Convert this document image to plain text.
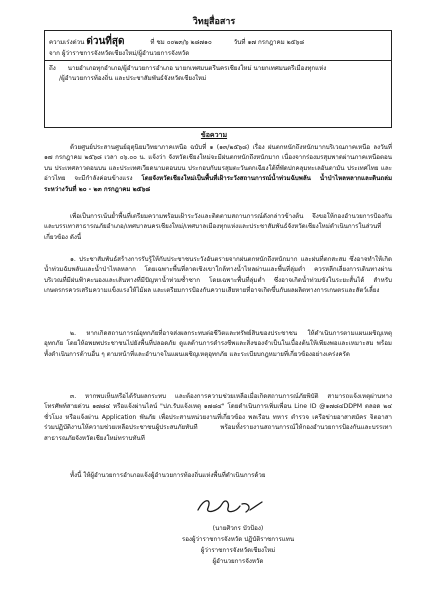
วิทยุสื่อสาร
ความเร่งด่วน ด่วนที่สุด	ที่ ชม ๐๐๒๓/๖ ๒๘๗๑๐	วันที่ ๑๗ กรกฎาคม ๒๕๖๘
จาก ผู้ว่าราชการจังหวัดเชียงใหม่/ผู้อำนวยการจังหวัด
ถึง นายอำเภอทุกอำเภอ/ผู้อำนวยการอำเภอ นายกเทศมนตรีนครเชียงใหม่ นายกเทศมนตรีเมืองทุกแห่ง
/ผู้อำนวยการท้องถิ่น และประชาสัมพันธ์จังหวัดเชียงใหม่
ข้อความ
ด้วยศูนย์ประสานศูนย์อุตุนิยมวิทยาภาคเหนือ ฉบับที่ ๑ (๑๓/๒๕๖๘) เรื่อง ฝนตกหนักถึงหนักมากบริเวณภาคเหนือ ลงวันที่ ๑๗ กรกฎาคม ๒๕๖๘ เวลา ๐๖.๐๐ น. แจ้งว่า จังหวัดเชียงใหม่จะมีฝนตกหนักถึงหนักมาก เนื่องจากร่องมรสุมพาดผ่านภาคเหนือตอนบน ประเทศลาวตอนบน และประเทศเวียดนามตอนบน ประกอบกับมรสุมตะวันตกเฉียงใต้ที่พัดปกคลุมทะเลอันดามัน ประเทศไทย และอ่าวไทย จะมีกำลังค่อนข้างแรง โดยจังหวัดเชียงใหม่เป็นพื้นที่เฝ้าระวังสถานการณ์น้ำท่วมฉับพลัน น้ำป่าไหลหลากและดินถล่ม ระหว่างวันที่ ๒๐ - ๒๓ กรกฎาคม ๒๕๖๘
เพื่อเป็นการเน้นย้ำพื้นที่เตรียมความพร้อมเฝ้าระวังและติดตามสถานการณ์ดังกล่าวข้างต้น จึงขอให้กองอำนวยการป้องกันและบรรเทาสาธารณภัยอำเภอ/เทศบาลนครเชียงใหม่/เทศบาลเมืองทุกแห่งและประชาสัมพันธ์จังหวัดเชียงใหม่ดำเนินการในส่วนที่เกี่ยวข้อง ดังนี้
๑. ประชาสัมพันธ์สร้างการรับรู้ให้กับประชาชนระวังอันตรายจากฝนตกหนักถึงหนักมาก และฝนที่ตกสะสม ซึ่งอาจทำให้เกิดน้ำท่วมฉับพลันและน้ำป่าไหลหลาก โดยเฉพาะพื้นที่ลาดเชิงเขาใกล้ทางน้ำไหลผ่านและพื้นที่ลุ่มต่ำ ควรหลีกเลี่ยงการเดินทางผ่านบริเวณที่มีฝนฟ้าคะนองและเส้นทางที่มีปัญหาน้ำท่วมซ้ำซาก โดยเฉพาะพื้นที่ลุ่มต่ำ ซึ่งอาจเกิดน้ำท่วมขังในระยะสั้นได้ สำหรับเกษตรกรควรเสริมความแข็งแรงให้ไม้ผล และเตรียมการป้องกันความเสียหายที่อาจเกิดขึ้นกับผลผลิตทางการเกษตรและสัตว์เลี้ยง
๒. หากเกิดสถานการณ์อุทกภัยที่อาจส่งผลกระทบต่อชีวิตและทรัพย์สินของประชาชน ให้ดำเนินการตามแผนเผชิญเหตุอุทกภัย โดยให้อพยพประชาชนไปยังพื้นที่ปลอดภัย ดูแลด้านการดำรงชีพและสิ่งของจำเป็นในเบื้องต้นให้เพียงพอและเหมาะสม พร้อมทั้งดำเนินการด้านอื่น ๆ ตามหน้าที่และอำนาจในแผนเผชิญเหตุอุทกภัย และระเบียบกฎหมายที่เกี่ยวข้องอย่างเคร่งครัด
๓. หากพบเห็นหรือได้รับผลกระทบ และต้องการความช่วยเหลือเมื่อเกิดสถานการณ์ภัยพิบัติ สามารถแจ้งเหตุผ่านทางโทรศัพท์สายด่วน ๑๗๘๔ หรือแจ้งผ่านไลน์ "ปภ.รับแจ้งเหตุ ๑๗๘๔" โดยดำเนินการเพิ่มเพื่อน Line ID @๑๗๘๔DDPM ตลอด ๒๔ ชั่วโมง หรือแจ้งผ่าน Application พันภัย เพื่อประสานหน่วยงานที่เกี่ยวข้อง พลเรือน ทหาร ตำรวจ เครือข่ายอาสาสมัคร จิตอาสา ร่วมปฏิบัติงานให้ความช่วยเหลือประชาชนผู้ประสบภัยทันที พร้อมทั้งรายงานสถานการณ์ให้กองอำนวยการป้องกันและบรรเทาสาธารณภัยจังหวัดเชียงใหม่ทราบทันที
ทั้งนี้ ให้ผู้อำนวยการอำเภอแจ้งผู้อำนวยการท้องถิ่นแห่งพื้นที่ดำเนินการด้วย
(นายศิวกร บัวป้อง)
รองผู้ว่าราชการจังหวัด ปฏิบัติราชการแทน
ผู้ว่าราชการจังหวัดเชียงใหม่
ผู้อำนวยการจังหวัด
